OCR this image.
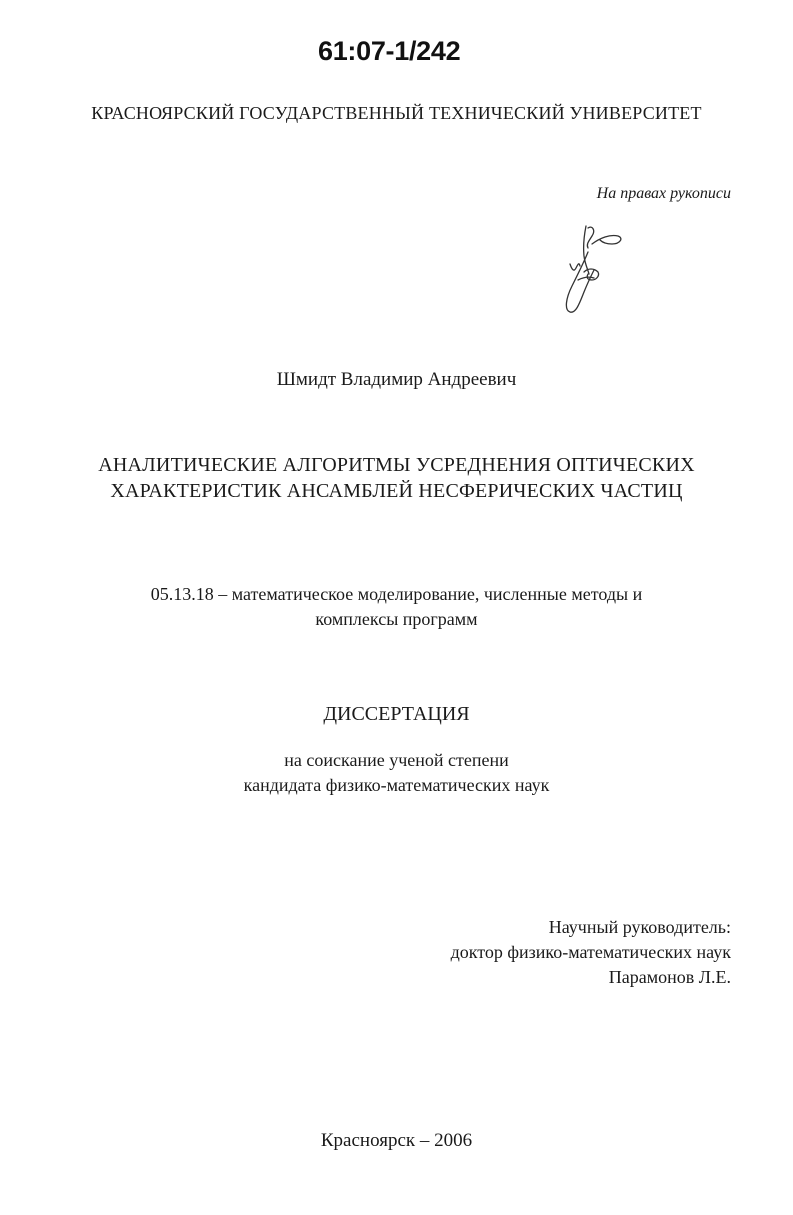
61:07-1/242

КРАСНОЯРСКИЙ ГОСУДАРСТВЕННЫЙ ТЕХНИЧЕСКИЙ УНИВЕРСИТЕТ

На правах рукописи

Шмидт Владимир Андреевич

АНАЛИТИЧЕСКИЕ АЛГОРИТМЫ УСРЕДНЕНИЯ ОПТИЧЕСКИХ

ХАРАКТЕРИСТИК АНСАМБЛЕЙ НЕСФЕРИЧЕСКИХ ЧАСТИЦ

05.13.18 – математическое моделирование, численные методы и

комплексы программ

ДИССЕРТАЦИЯ

на соискание ученой степени

кандидата физико-математических наук

Научный руководитель:
доктор физико-математических наук
Парамонов Л.Е.

Красноярск – 2006
